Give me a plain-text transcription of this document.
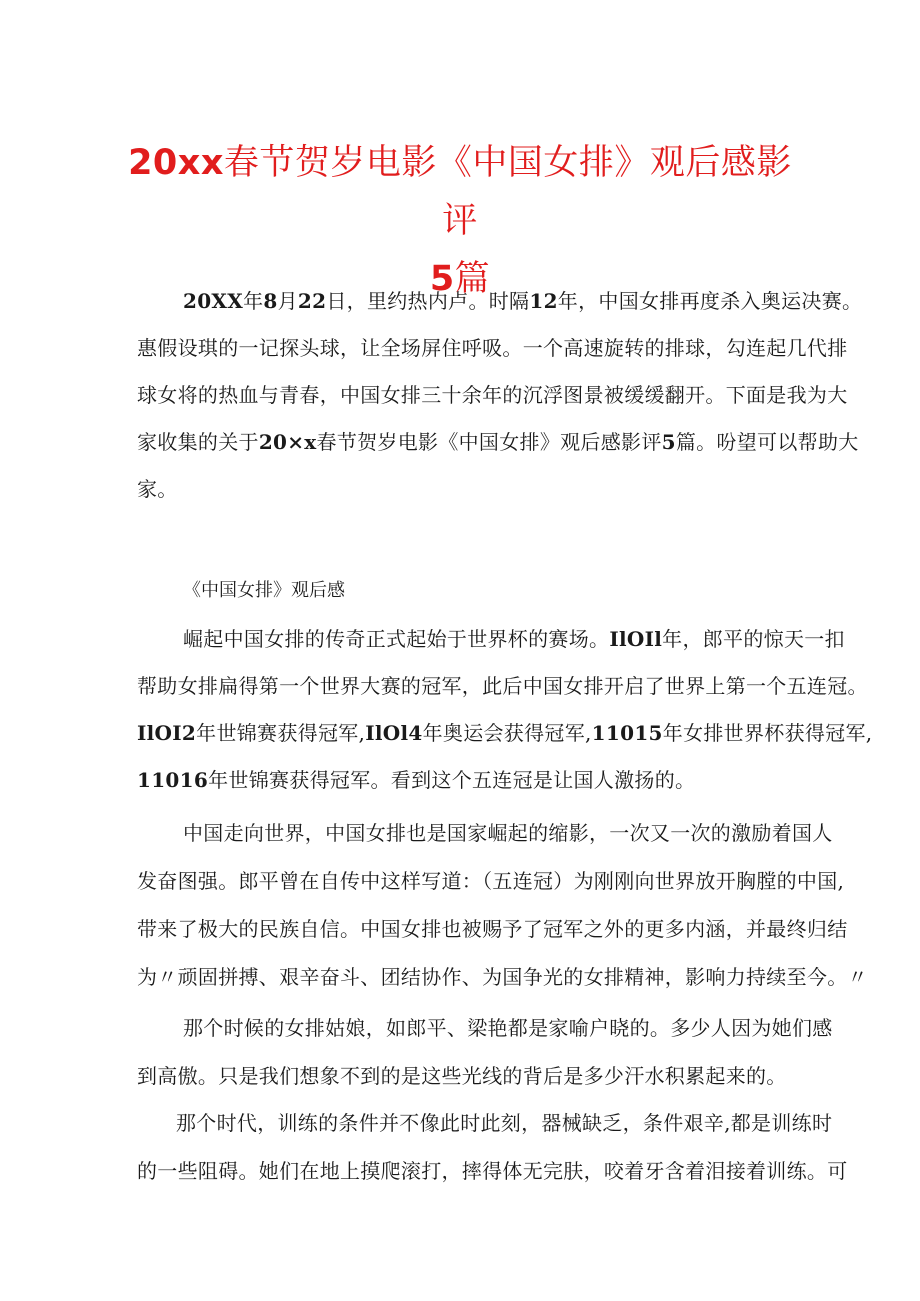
20xx春节贺岁电影《中国女排》观后感影评
5篇
20XX年8月22日，里约热内卢。时隔12年，中国女排再度杀入奥运决赛。
惠假设琪的一记探头球，让全场屏住呼吸。一个高速旋转的排球，勾连起几代排
球女将的热血与青春，中国女排三十余年的沉浮图景被缓缓翻开。下面是我为大
家收集的关于20×x春节贺岁电影《中国女排》观后感影评5篇。吩望可以帮助大
家。
《中国女排》观后感
崛起中国女排的传奇正式起始于世界杯的赛场。IlOIl年，郎平的惊天一扣
帮助女排扁得第一个世界大赛的冠军，此后中国女排开启了世界上第一个五连冠。
IlOI2年世锦赛获得冠军,IlOl4年奥运会获得冠军,11015年女排世界杯获得冠军,
11016年世锦赛获得冠军。看到这个五连冠是让国人激扬的。
中国走向世界，中国女排也是国家崛起的缩影，一次又一次的激励着国人
发奋图强。郎平曾在自传中这样写道：（五连冠）为刚刚向世界放开胸膛的中国,
带来了极大的民族自信。中国女排也被赐予了冠军之外的更多内涵，并最终归结
为〃顽固拼搏、艰辛奋斗、团结协作、为国争光的女排精神，影响力持续至今。〃
那个时候的女排姑娘，如郎平、梁艳都是家喻户晓的。多少人因为她们感
到高傲。只是我们想象不到的是这些光线的背后是多少汗水积累起来的。
那个时代，训练的条件并不像此时此刻，器械缺乏，条件艰辛,都是训练时
的一些阻碍。她们在地上摸爬滚打，摔得体无完肤，咬着牙含着泪接着训练。可
